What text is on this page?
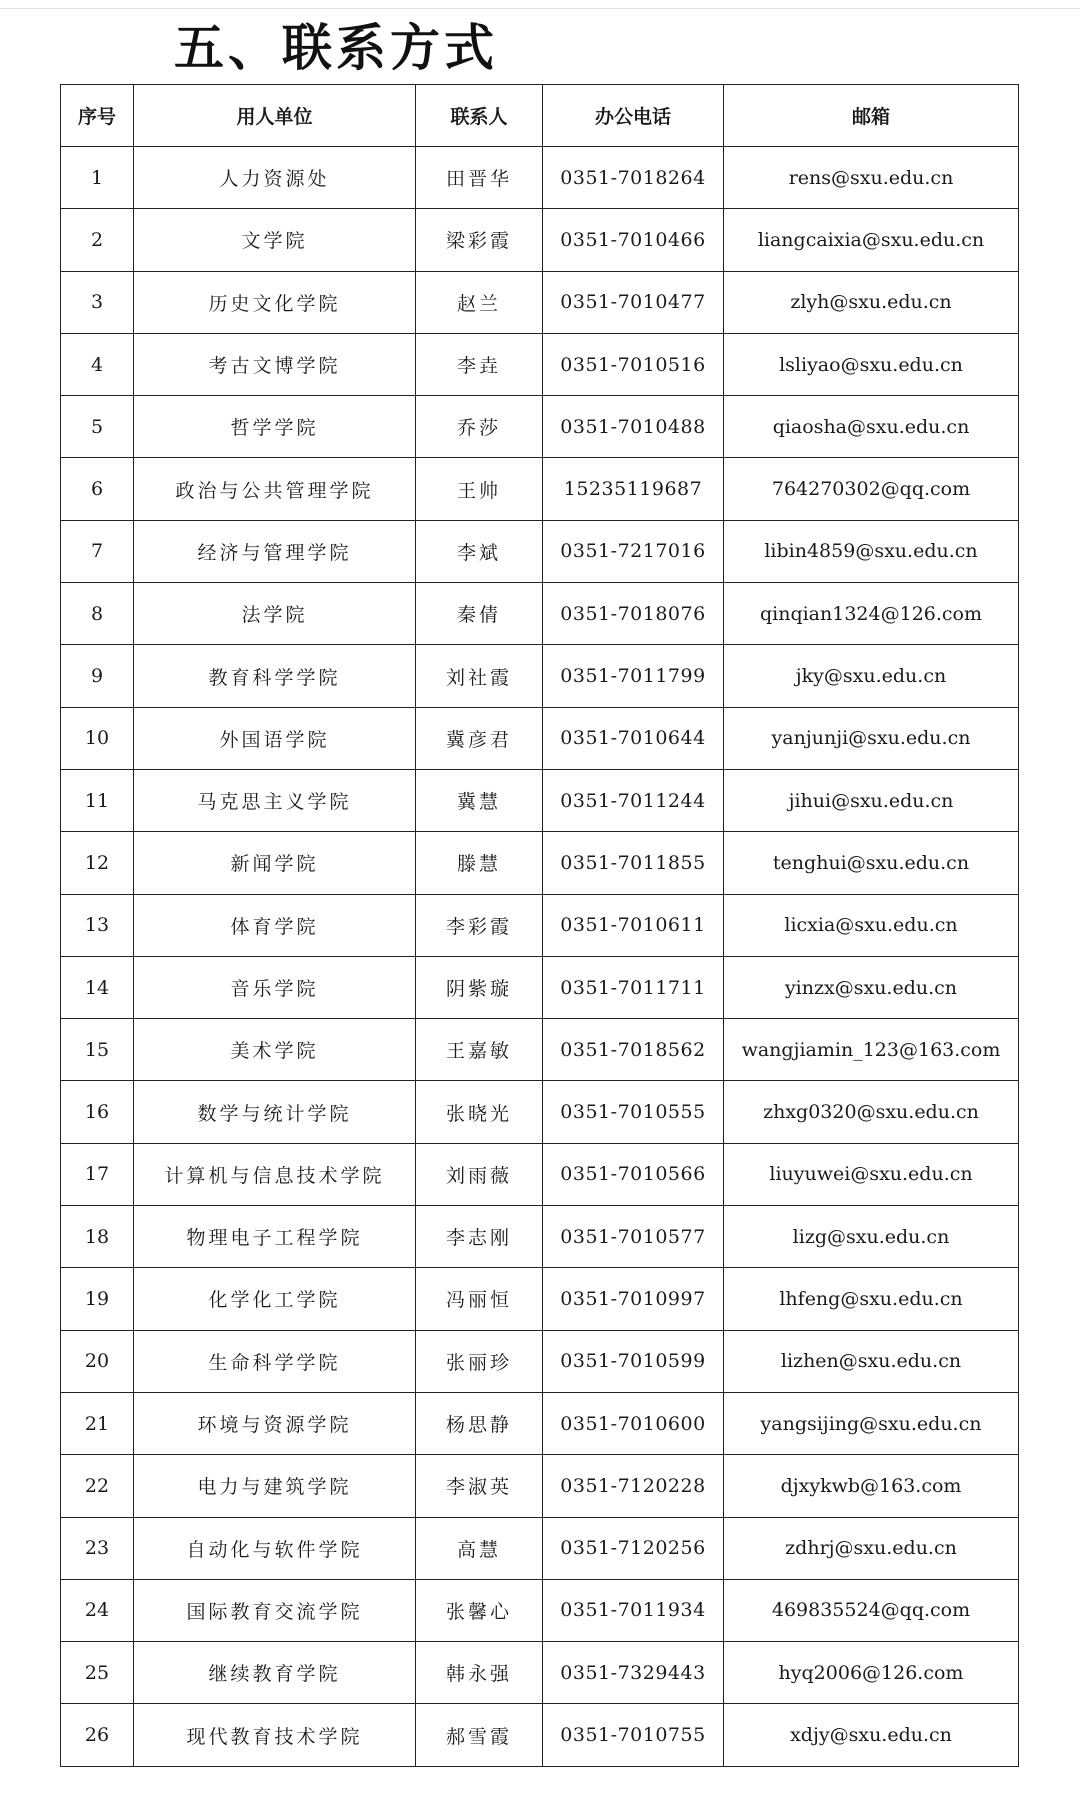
五、联系方式
序号	用人单位	联系人	办公电话	邮箱
1	人力资源处	田晋华	0351-7018264	rens@sxu.edu.cn
2	文学院	梁彩霞	0351-7010466	liangcaixia@sxu.edu.cn
3	历史文化学院	赵兰	0351-7010477	zlyh@sxu.edu.cn
4	考古文博学院	李垚	0351-7010516	lsliyao@sxu.edu.cn
5	哲学学院	乔莎	0351-7010488	qiaosha@sxu.edu.cn
6	政治与公共管理学院	王帅	15235119687	764270302@qq.com
7	经济与管理学院	李斌	0351-7217016	libin4859@sxu.edu.cn
8	法学院	秦倩	0351-7018076	qinqian1324@126.com
9	教育科学学院	刘社霞	0351-7011799	jky@sxu.edu.cn
10	外国语学院	冀彦君	0351-7010644	yanjunji@sxu.edu.cn
11	马克思主义学院	冀慧	0351-7011244	jihui@sxu.edu.cn
12	新闻学院	滕慧	0351-7011855	tenghui@sxu.edu.cn
13	体育学院	李彩霞	0351-7010611	licxia@sxu.edu.cn
14	音乐学院	阴紫璇	0351-7011711	yinzx@sxu.edu.cn
15	美术学院	王嘉敏	0351-7018562	wangjiamin_123@163.com
16	数学与统计学院	张晓光	0351-7010555	zhxg0320@sxu.edu.cn
17	计算机与信息技术学院	刘雨薇	0351-7010566	liuyuwei@sxu.edu.cn
18	物理电子工程学院	李志刚	0351-7010577	lizg@sxu.edu.cn
19	化学化工学院	冯丽恒	0351-7010997	lhfeng@sxu.edu.cn
20	生命科学学院	张丽珍	0351-7010599	lizhen@sxu.edu.cn
21	环境与资源学院	杨思静	0351-7010600	yangsijing@sxu.edu.cn
22	电力与建筑学院	李淑英	0351-7120228	djxykwb@163.com
23	自动化与软件学院	高慧	0351-7120256	zdhrj@sxu.edu.cn
24	国际教育交流学院	张馨心	0351-7011934	469835524@qq.com
25	继续教育学院	韩永强	0351-7329443	hyq2006@126.com
26	现代教育技术学院	郝雪霞	0351-7010755	xdjy@sxu.edu.cn
